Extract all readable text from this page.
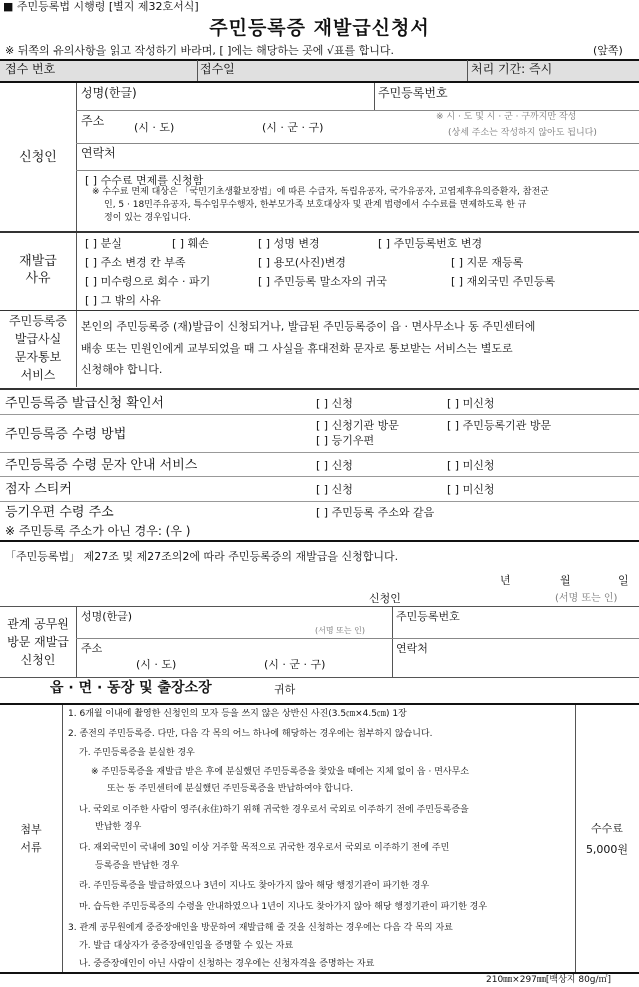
■ 주민등록법 시행령 [별지 제32호서식]
주민등록증 재발급신청서
※ 뒤쪽의 유의사항을 읽고 작성하기 바라며, [ ]에는 해당하는 곳에 √표를 합니다.	(앞쪽)
접수 번호	접수일	처리 기간: 즉시
신청인
성명(한글)	주민등록번호
주소	(시 · 도)	(시 · 군 · 구)
※ 시 · 도 및 시 · 군 · 구까지만 작성
(상세 주소는 작성하지 않아도 됩니다)
연락처
[ ] 수수료 면제를 신청함
※ 수수료 면제 대상은 「국민기초생활보장법」에 따른 수급자, 독립유공자, 국가유공자, 고엽제후유의증환자, 참전군
인, 5 · 18민주유공자, 특수임무수행자, 한부모가족 보호대상자 및 관계 법령에서 수수료를 면제하도록 한 규
정이 있는 경우입니다.
재발급
사유
[ ] 분실	[ ] 훼손	[ ] 성명 변경	[ ] 주민등록번호 변경
[ ] 주소 변경 칸 부족	[ ] 용모(사진)변경	[ ] 지문 재등록
[ ] 미수령으로 회수 · 파기	[ ] 주민등록 말소자의 귀국	[ ] 재외국민 주민등록
[ ] 그 밖의 사유
주민등록증
발급사실
문자통보
서비스
본인의 주민등록증 (재)발급이 신청되거나, 발급된 주민등록증이 읍 · 면사무소나 동 주민센터에
배송 또는 민원인에게 교부되었을 때 그 사실을 휴대전화 문자로 통보받는 서비스는 별도로
신청해야 합니다.
주민등록증 발급신청 확인서	[ ] 신청	[ ] 미신청
주민등록증 수령 방법
[ ] 신청기관 방문	[ ] 주민등록기관 방문
[ ] 등기우편
주민등록증 수령 문자 안내 서비스	[ ] 신청	[ ] 미신청
점자 스티커	[ ] 신청	[ ] 미신청
등기우편 수령 주소	[ ] 주민등록 주소와 같음
※ 주민등록 주소가 아닌 경우: (우 )
「주민등록법」 제27조 및 제27조의2에 따라 주민등록증의 재발급을 신청합니다.
년	월	일
신청인	(서명 또는 인)
관계 공무원
방문 재발급
신청인
성명(한글)
(서명 또는 인)
주민등록번호
주소
(시 · 도)	(시 · 군 · 구)
연락처
읍 · 면 · 동장 및 출장소장	귀하
첨부
서류
1. 6개월 이내에 촬영한 신청인의 모자 등을 쓰지 않은 상반신 사진(3.5㎝×4.5㎝) 1장
2. 종전의 주민등록증. 다만, 다음 각 목의 어느 하나에 해당하는 경우에는 첨부하지 않습니다.
가. 주민등록증을 분실한 경우
※ 주민등록증을 재발급 받은 후에 분실했던 주민등록증을 찾았을 때에는 지체 없이 읍 · 면사무소
또는 동 주민센터에 분실했던 주민등록증을 반납하여야 합니다.
나. 국외로 이주한 사람이 영주(永住)하기 위해 귀국한 경우로서 국외로 이주하기 전에 주민등록증을
반납한 경우
다. 재외국민이 국내에 30일 이상 거주할 목적으로 귀국한 경우로서 국외로 이주하기 전에 주민
등록증을 반납한 경우
라. 주민등록증을 발급하였으나 3년이 지나도 찾아가지 않아 해당 행정기관이 파기한 경우
마. 습득한 주민등록증의 수령을 안내하였으나 1년이 지나도 찾아가지 않아 해당 행정기관이 파기한 경우
3. 관계 공무원에게 중증장애인을 방문하여 재발급해 줄 것을 신청하는 경우에는 다음 각 목의 자료
가. 발급 대상자가 중증장애인임을 증명할 수 있는 자료
나. 중증장애인이 아닌 사람이 신청하는 경우에는 신청자격을 증명하는 자료
수수료
5,000원
210㎜×297㎜[백상지 80g/㎡]
